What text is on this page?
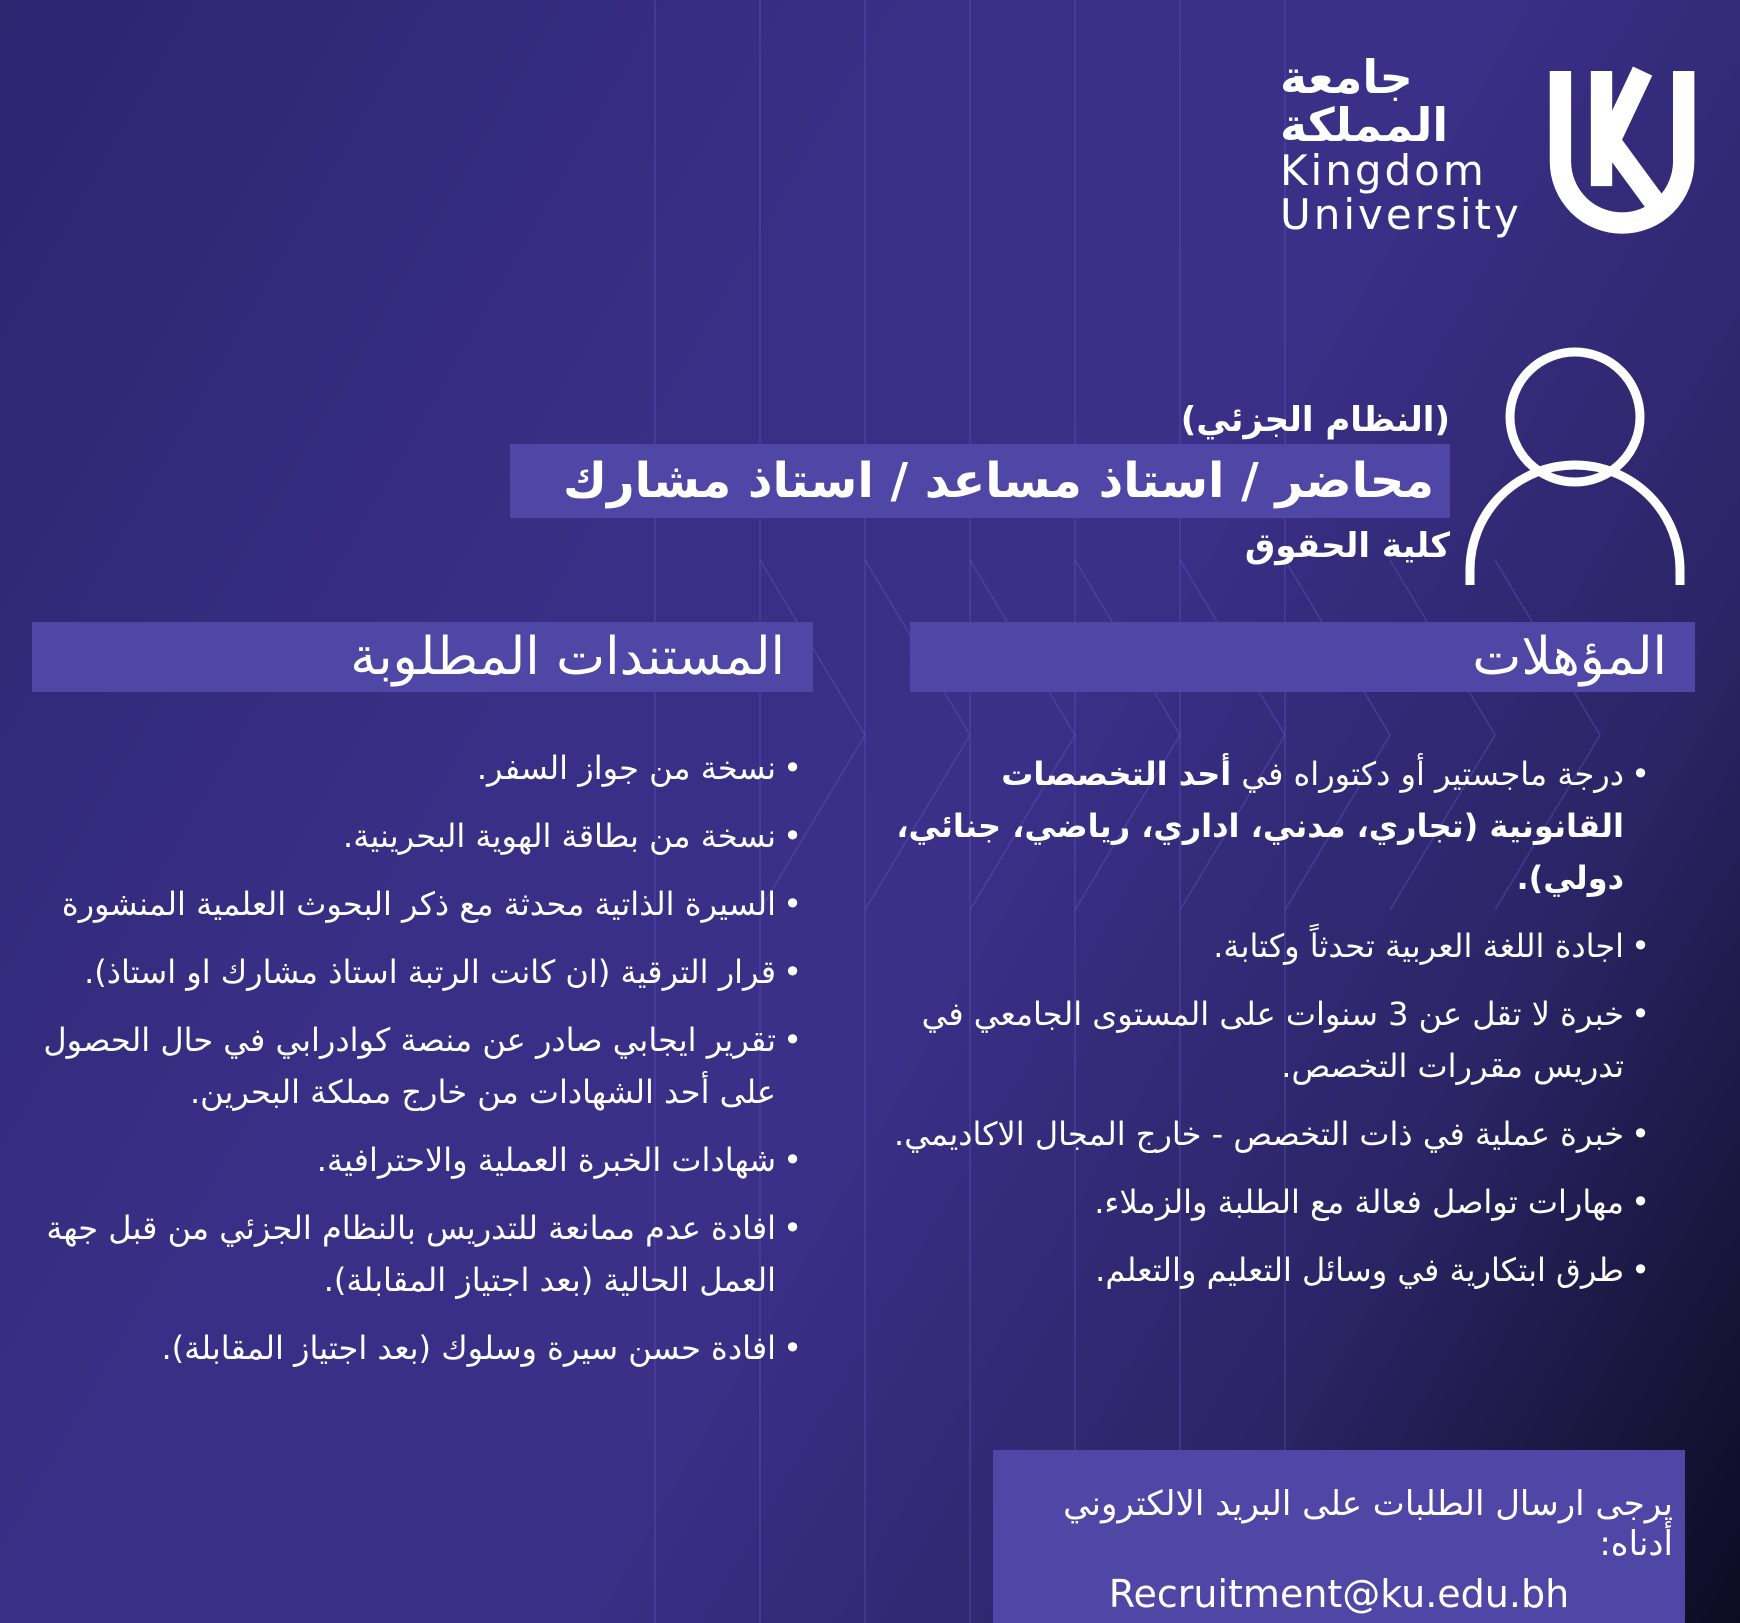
جامعة
المملكة
Kingdom
University
(النظام الجزئي)
محاضر / استاذ مساعد / استاذ مشارك
كلية الحقوق
المؤهلات
المستندات المطلوبة
• درجة ماجستير أو دكتوراه في أحد التخصصات القانونية (تجاري، مدني، اداري، رياضي، جنائي، دولي).
• اجادة اللغة العربية تحدثاً وكتابة.
• خبرة لا تقل عن 3 سنوات على المستوى الجامعي في تدريس مقررات التخصص.
• خبرة عملية في ذات التخصص - خارج المجال الاكاديمي.
• مهارات تواصل فعالة مع الطلبة والزملاء.
• طرق ابتكارية في وسائل التعليم والتعلم.
• نسخة من جواز السفر.
• نسخة من بطاقة الهوية البحرينية.
• السيرة الذاتية محدثة مع ذكر البحوث العلمية المنشورة
• قرار الترقية (ان كانت الرتبة استاذ مشارك او استاذ).
• تقرير ايجابي صادر عن منصة كوادرابي في حال الحصول على أحد الشهادات من خارج مملكة البحرين.
• شهادات الخبرة العملية والاحترافية.
• افادة عدم ممانعة للتدريس بالنظام الجزئي من قبل جهة العمل الحالية (بعد اجتياز المقابلة).
• افادة حسن سيرة وسلوك (بعد اجتياز المقابلة).
يرجى ارسال الطلبات على البريد الالكتروني أدناه:
Recruitment@ku.edu.bh
